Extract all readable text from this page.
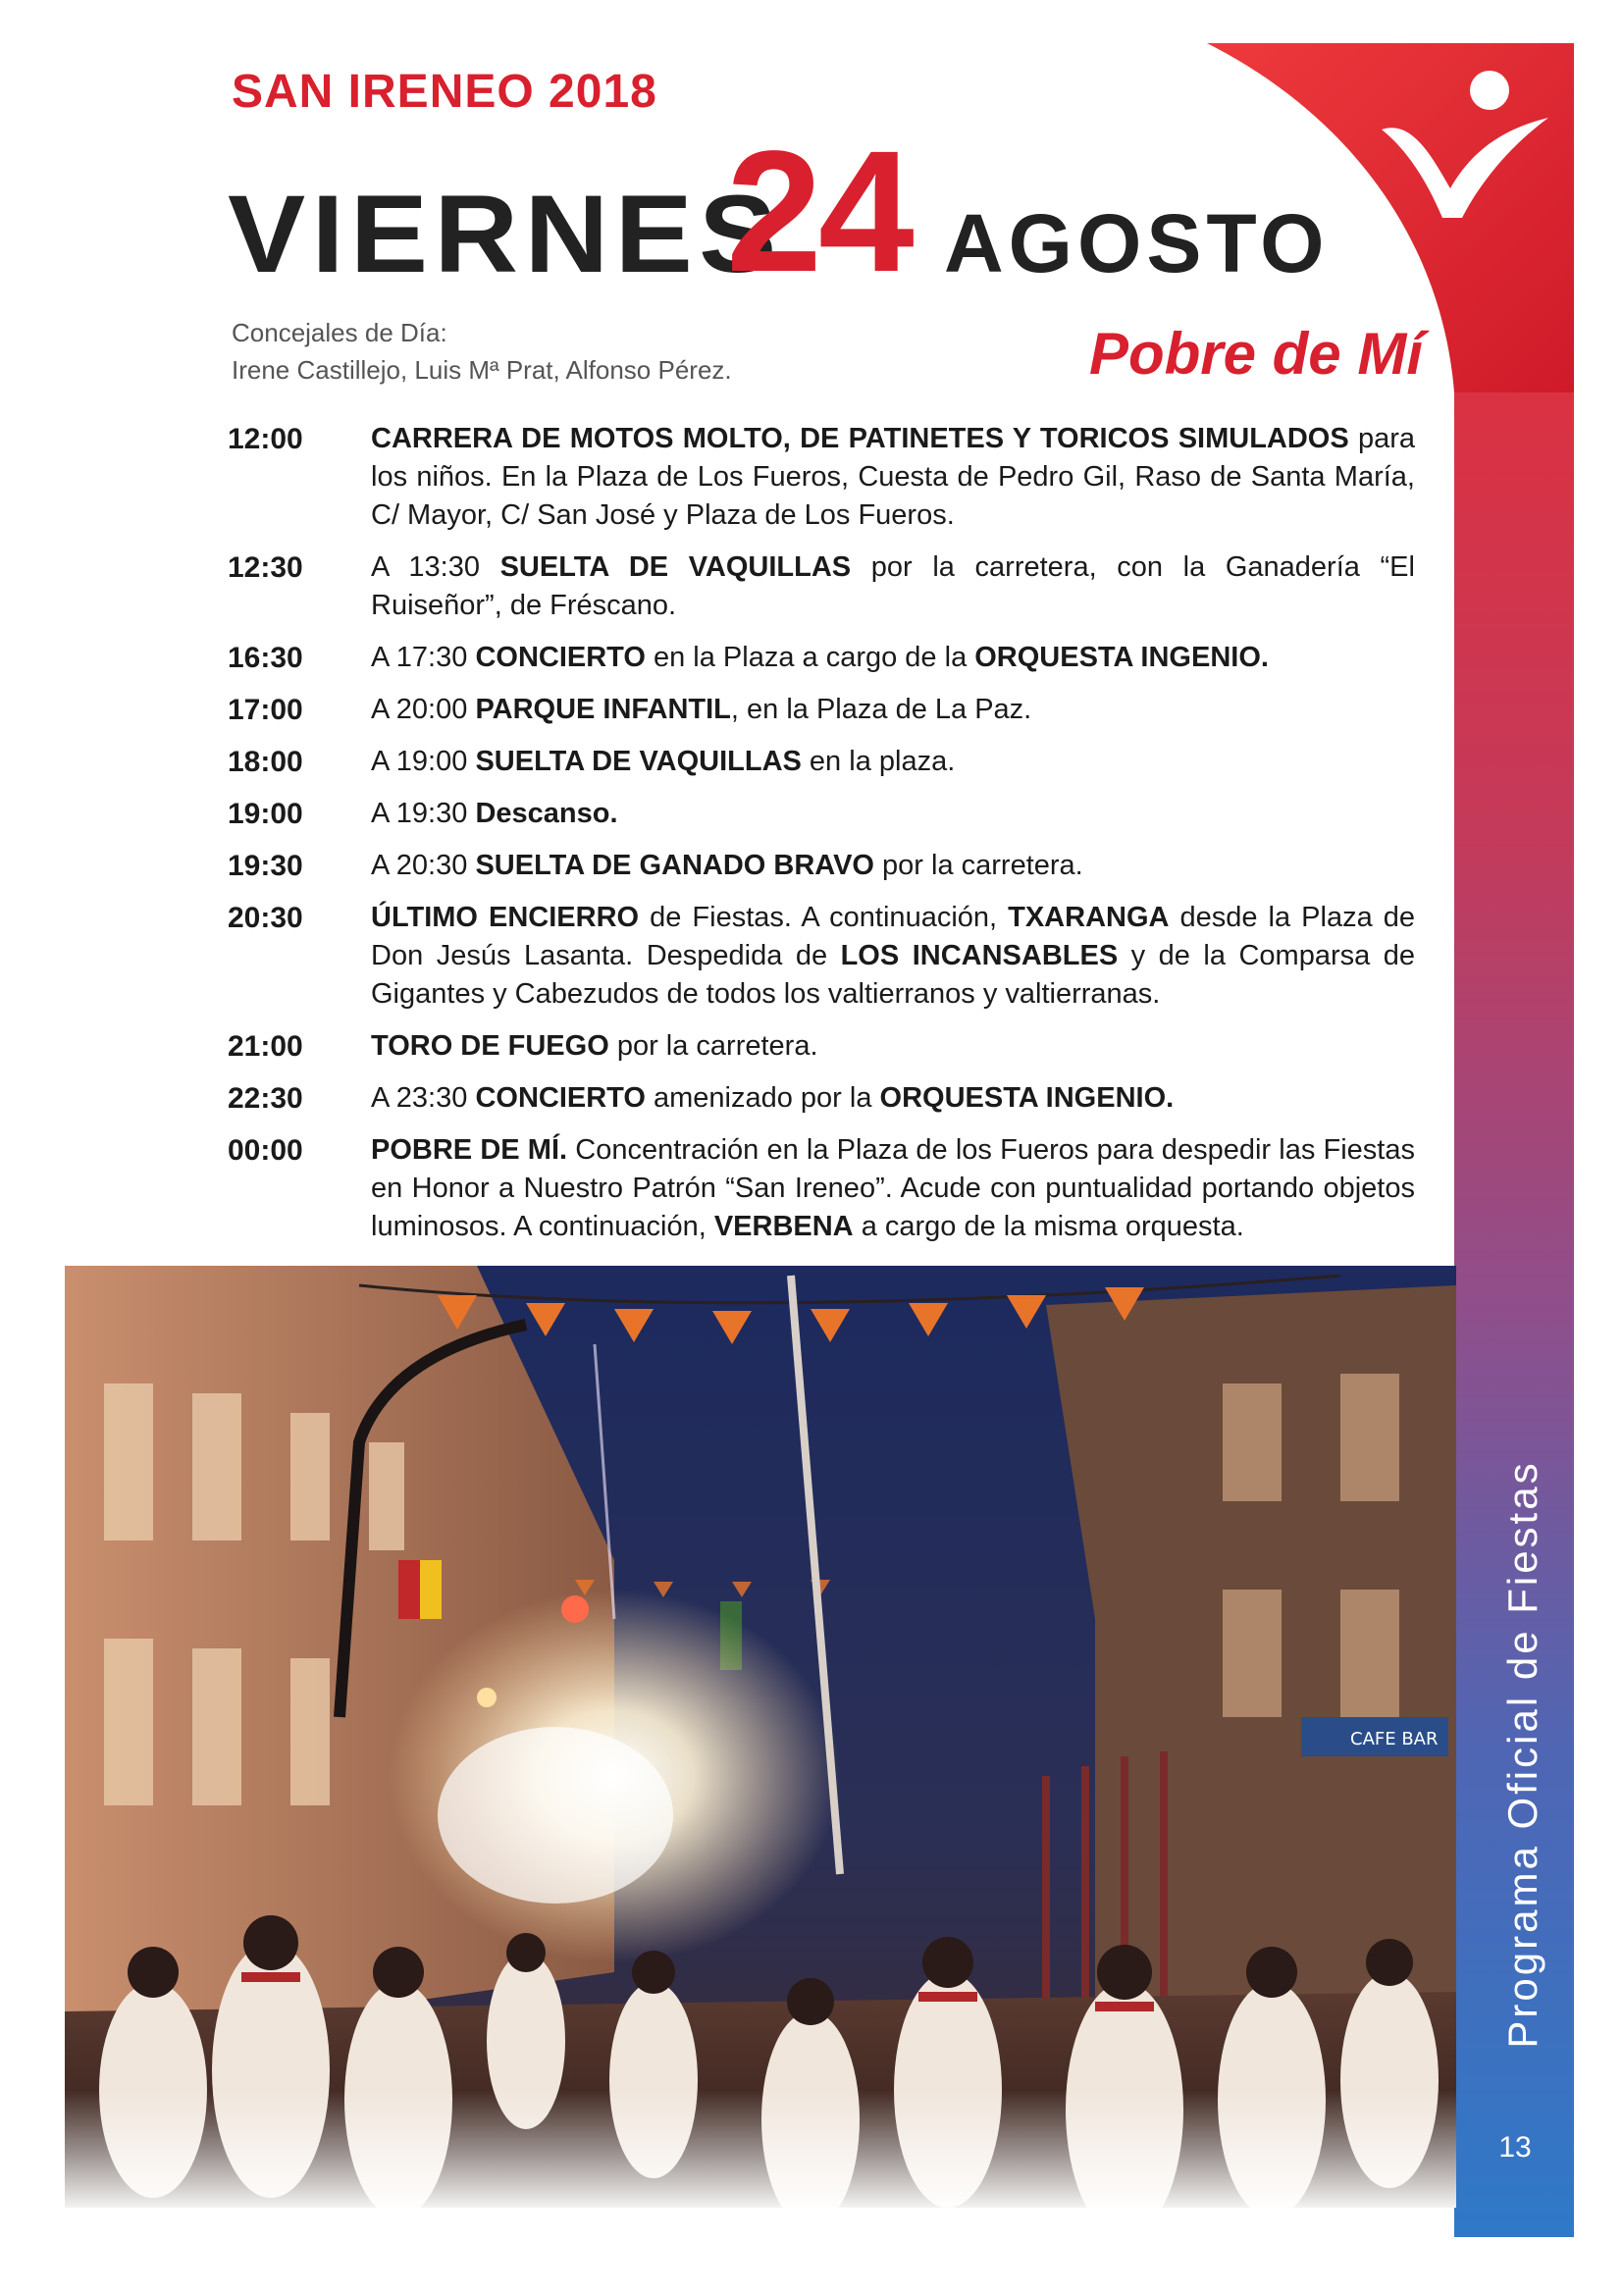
SAN IRENEO 2018
VIERNES
24 AGOSTO
Concejales de Día:
Irene Castillejo, Luis Mª Prat, Alfonso Pérez.	Pobre de Mí
12:00	CARRERA DE MOTOS MOLTO, DE PATINETES Y TORICOS SIMULADOS para los niños. En la Plaza de Los Fueros, Cuesta de Pedro Gil, Raso de Santa María, C/ Mayor, C/ San José y Plaza de Los Fueros.
12:30	A 13:30 SUELTA DE VAQUILLAS por la carretera, con la Ganadería “El Ruiseñor”, de Fréscano.
16:30	A 17:30 CONCIERTO en la Plaza a cargo de la ORQUESTA INGENIO.
17:00	A 20:00 PARQUE INFANTIL, en la Plaza de La Paz.
18:00	A 19:00 SUELTA DE VAQUILLAS en la plaza.
19:00	A 19:30 Descanso.
19:30	A 20:30 SUELTA DE GANADO BRAVO por la carretera.
20:30	ÚLTIMO ENCIERRO de Fiestas. A continuación, TXARANGA desde la Plaza de Don Jesús Lasanta. Despedida de LOS INCANSABLES y de la Comparsa de Gigantes y Cabezudos de todos los valtierranos y valtierranas.
21:00	TORO DE FUEGO por la carretera.
22:30	A 23:30 CONCIERTO amenizado por la ORQUESTA INGENIO.
00:00	POBRE DE MÍ. Concentración en la Plaza de los Fueros para despedir las Fiestas en Honor a Nuestro Patrón “San Ireneo”. Acude con puntualidad portando objetos luminosos. A continuación, VERBENA a cargo de la misma orquesta.
CAFE BAR Programa Oficial de Fiestas
13
